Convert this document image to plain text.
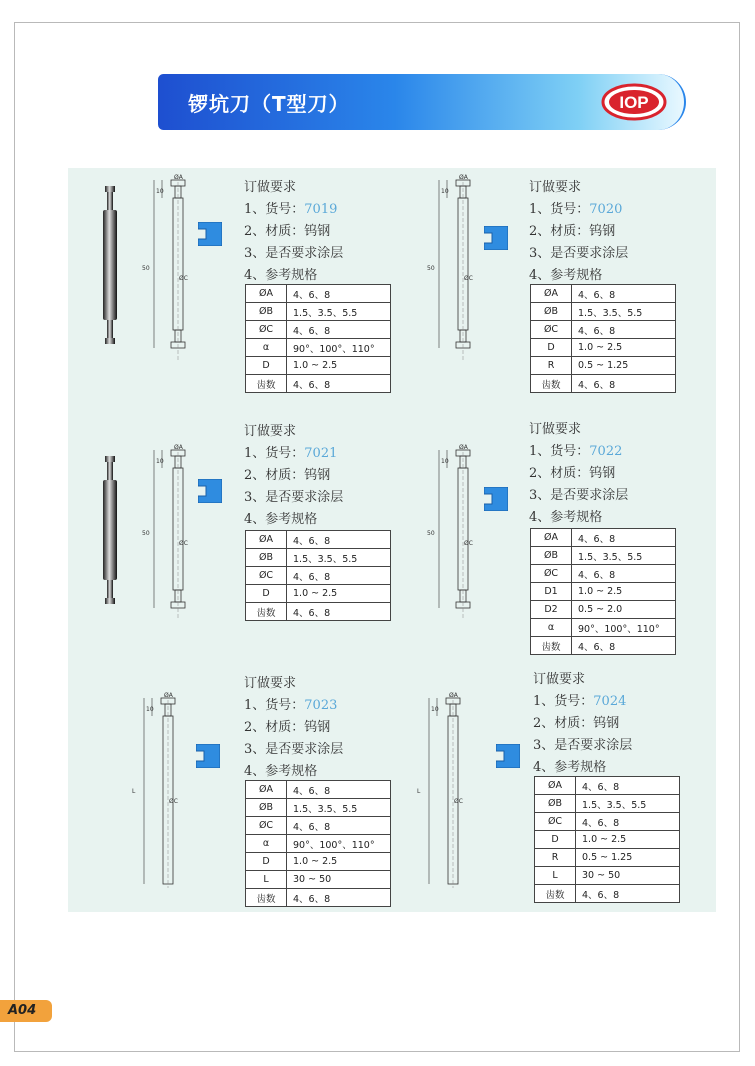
锣坑刀（T型刀）	IOP
订做要求
1、货号：7019
2、材质：钨钢
3、是否要求涂层
4、参考规格
ØA	4、6、8
ØB	1.5、3.5、5.5
ØC	4、6、8
α	90°、100°、110°
D	1.0 ~ 2.5
齿数	4、6、8
ØA
10
50
ØC
订做要求
1、货号：7020
2、材质：钨钢
3、是否要求涂层
4、参考规格
ØA	4、6、8
ØB	1.5、3.5、5.5
ØC	4、6、8
D	1.0 ~ 2.5
R	0.5 ~ 1.25
齿数	4、6、8
ØA
10
50
ØC
订做要求
1、货号：7021
2、材质：钨钢
3、是否要求涂层
4、参考规格
ØA	4、6、8
ØB	1.5、3.5、5.5
ØC	4、6、8
D	1.0 ~ 2.5
齿数	4、6、8
ØA
10
50
ØC
订做要求
1、货号：7022
2、材质：钨钢
3、是否要求涂层
4、参考规格
ØA	4、6、8
ØB	1.5、3.5、5.5
ØC	4、6、8
D1	1.0 ~ 2.5
D2	0.5 ~ 2.0
α	90°、100°、110°
齿数	4、6、8
ØA
10
50
ØC
订做要求
1、货号：7023
2、材质：钨钢
3、是否要求涂层
4、参考规格
ØA	4、6、8
ØB	1.5、3.5、5.5
ØC	4、6、8
α	90°、100°、110°
D	1.0 ~ 2.5
L	30 ~ 50
齿数	4、6、8
ØA
10
L
ØC
订做要求
1、货号：7024
2、材质：钨钢
3、是否要求涂层
4、参考规格
ØA	4、6、8
ØB	1.5、3.5、5.5
ØC	4、6、8
D	1.0 ~ 2.5
R	0.5 ~ 1.25
L	30 ~ 50
齿数	4、6、8
ØA
10
L
ØC
A04
